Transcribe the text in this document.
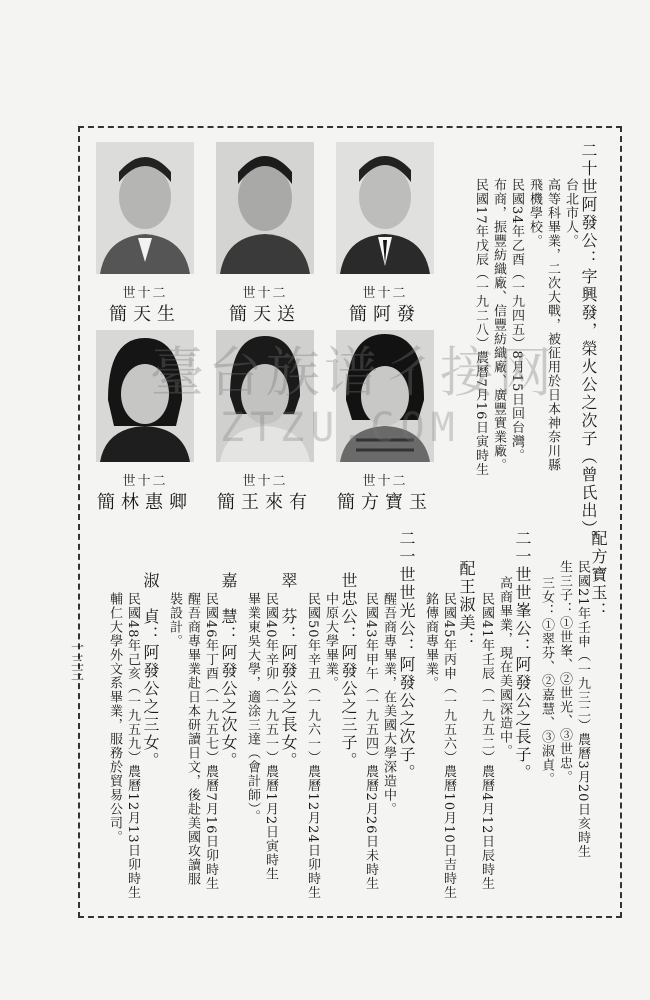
世十二	世十二	世十二
簡天生	簡天送	簡阿發
世十二	世十二	世十二
簡林惠卿	簡王來有	簡方寶玉	二十世阿發公：字興發，榮火公之次子（曾氏出）。
台北市人。
高等科畢業，二次大戰，被征用於日本神奈川縣
飛機學校。
民國34年乙酉（一九四五）8月15日回台灣。
布商，振豐紡織廠、信豐紡織廠、廣豐實業廠。
民國17年戊辰（一九二八）農曆7月16日寅時生
配方寶玉：
民國21年壬申（一九三二）農曆3月20日亥時生
生三子：①世峯、②世光、③世忠。
三女：①翠芬、②嘉慧、③淑貞。
二一世世峯公：阿發公之長子。
高商畢業，現在美國深造中。
民國41年壬辰（一九五二）農曆4月12日辰時生
配王淑美：
民國45年丙申（一九五六）農曆10月10日吉時生
銘傳商專畢業。
二一世世光公：阿發公之次子。
醒吾商專畢業，在美國大學深造中。
民國43年甲午（一九五四）農曆2月26日未時生
世忠公：阿發公之三子。
中原大學畢業。
民國50年辛丑（一九六一）農曆12月24日卯時生
翠　芬：阿發公之長女。
民國40年辛卯（一九五一）農曆1月2日寅時生
畢業東吳大學，適涂三達（會計師）。
嘉　慧：阿發公之次女。
民國46年丁酉（一九五七）農曆7月16日卯時生
醒吾商專畢業赴日本研讀日文，後赴美國攻讀服
裝設計。
淑　貞：阿發公之三女。
民國48年己亥（一九五九）農曆12月13日卯時生
輔仁大學外文系畢業，服務於貿易公司。
一三三
臺台族谱彳接网
ZTZU.COM
